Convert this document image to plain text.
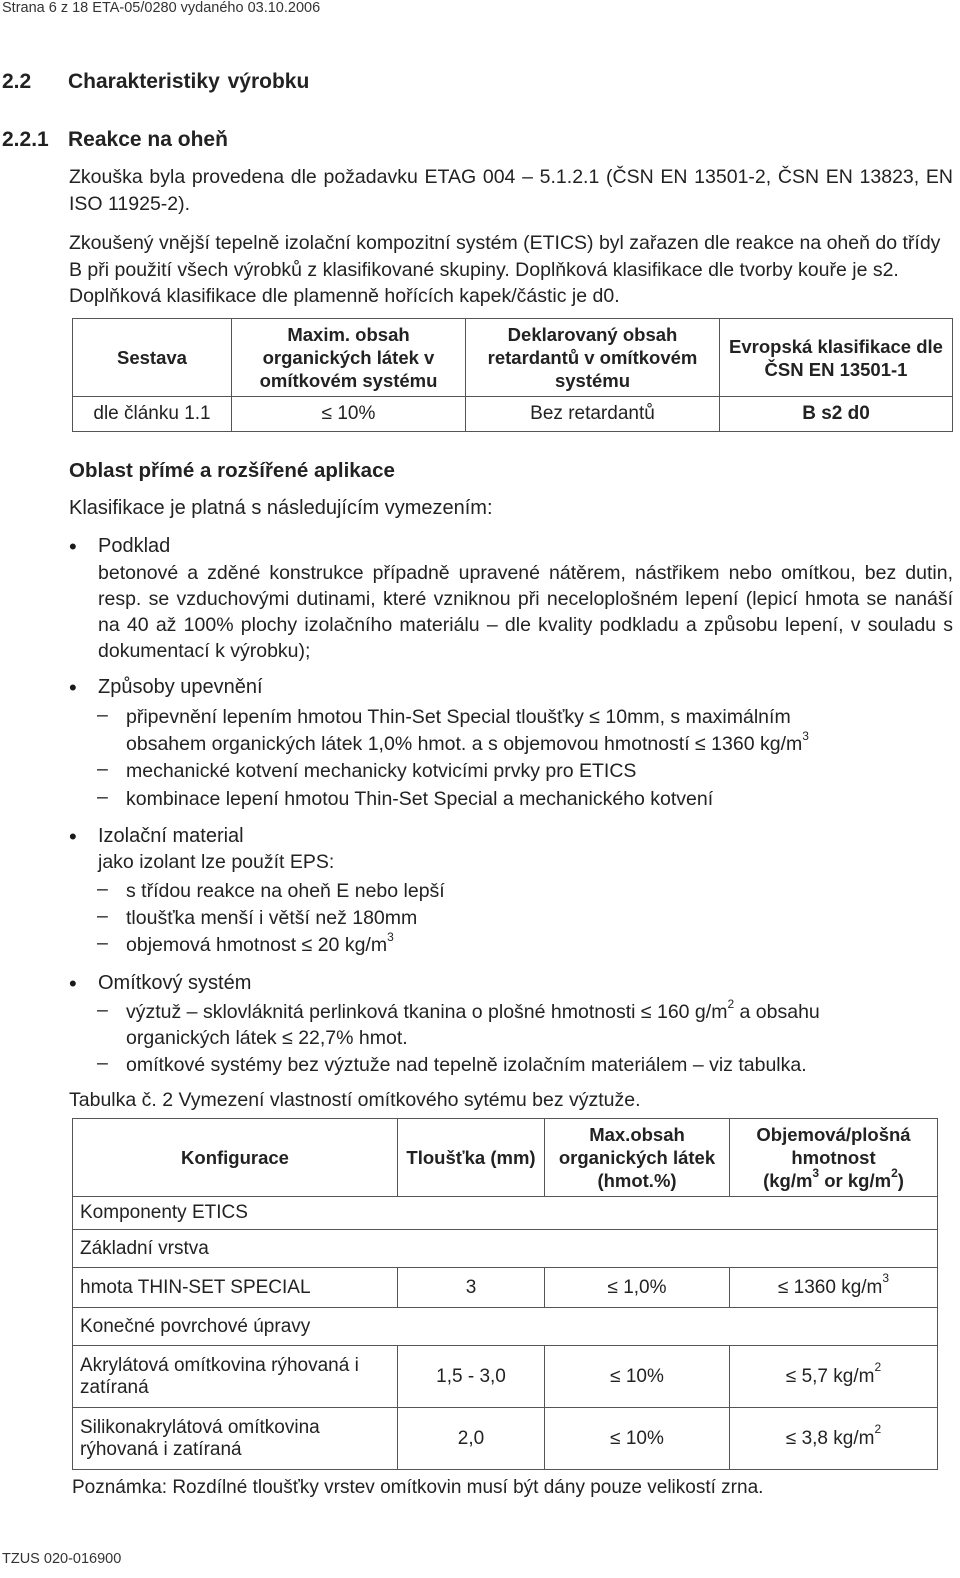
Strana 6 z 18 ETA-05/0280 vydaného 03.10.2006
2.2 Charakteristiky výrobku
2.2.1 Reakce na oheň
Zkouška byla provedena dle požadavku ETAG 004 – 5.1.2.1 (ČSN EN 13501-2, ČSN EN 13823, EN ISO 11925-2).
Zkoušený vnější tepelně izolační kompozitní systém (ETICS) byl zařazen dle reakce na oheň do třídy B při použití všech výrobků z klasifikované skupiny. Doplňková klasifikace dle tvorby kouře je s2. Doplňková klasifikace dle plamenně hořících kapek/částic je d0.
Sestava	Maxim. obsah organických látek v omítkovém systému	Deklarovaný obsah retardantů v omítkovém systému	Evropská klasifikace dle ČSN EN 13501-1
dle článku 1.1	≤ 10%	Bez retardantů	B s2 d0
Oblast přímé a rozšířené aplikace
Klasifikace je platná s následujícím vymezením:
• Podklad
betonové a zděné konstrukce případně upravené nátěrem, nástřikem nebo omítkou, bez dutin, resp. se vzduchovými dutinami, které vzniknou při neceloplošném lepení (lepicí hmota se nanáší na 40 až 100% plochy izolačního materiálu – dle kvality podkladu a způsobu lepení, v souladu s dokumentací k výrobku);
• Způsoby upevnění
– připevnění lepením hmotou Thin-Set Special tloušťky ≤ 10mm, s maximálním
obsahem organických látek 1,0% hmot. a s objemovou hmotností ≤ 1360 $kg/m^3$
– mechanické kotvení mechanicky kotvicími prvky pro ETICS
– kombinace lepení hmotou Thin-Set Special a mechanického kotvení
• Izolační material
jako izolant lze použít EPS:
– s třídou reakce na oheň E nebo lepší
– tloušťka menší i větší než 180mm
– objemová hmotnost ≤ 20 $kg/m^3$
• Omítkový systém
– výztuž – sklovláknitá perlinková tkanina o plošné hmotnosti ≤ 160 $g/m^2$ a obsahu
organických látek ≤ 22,7% hmot.
– omítkové systémy bez výztuže nad tepelně izolačním materiálem – viz tabulka.
Tabulka č. 2 Vymezení vlastností omítkového sytému bez výztuže.
Konfigurace	Tloušťka (mm)	Max.obsah organických látek (hmot.%)	Objemová/plošná hmotnost
($kg/m^3$ or $kg/m^2$)
Komponenty ETICS			
Základní vrstva			
hmota THIN-SET SPECIAL	3	≤ 1,0%	≤ 1360 $kg/m^3$
Konečné povrchové úpravy			
Akrylátová omítkovina rýhovaná i zatíraná	1,5 - 3,0	≤ 10%	≤ 5,7 $kg/m^2$
Silikonakrylátová omítkovina rýhovaná i zatíraná	2,0	≤ 10%	≤ 3,8 $kg/m^2$
Poznámka: Rozdílné tloušťky vrstev omítkovin musí být dány pouze velikostí zrna.
TZUS 020-016900
